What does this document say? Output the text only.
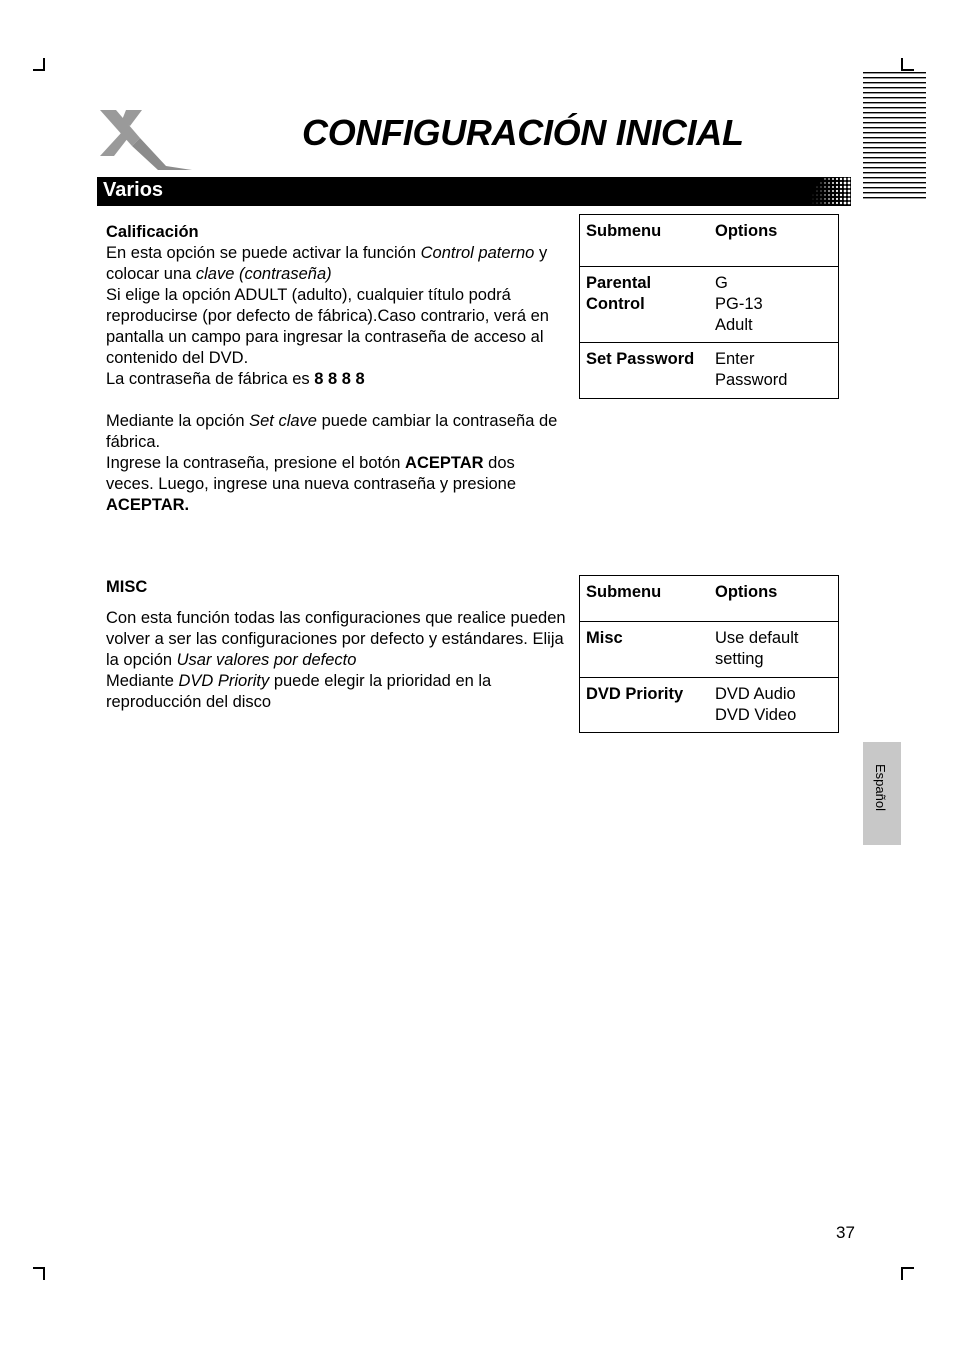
CONFIGURACIÓN INICIAL
Varios

Calificación

En esta opción se puede activar la función Control paterno y colocar una clave (contraseña)

Si elige la opción ADULT (adulto), cualquier título podrá reproducirse (por defecto de fábrica).Caso contrario, verá en pantalla un campo para ingresar la contraseña de acceso al contenido del DVD.

La contraseña de fábrica es 8 8 8 8

Mediante la opción Set clave puede cambiar la contraseña de fábrica.

Ingrese la contraseña, presione el botón ACEPTAR dos veces. Luego, ingrese una nueva contraseña y presione ACEPTAR.

Submenu	Options
Parental Control	G
PG-13
Adult

Set Password	Enter
Password

MISC

Con esta función todas las configuraciones que realice pueden volver a ser las configuraciones por defecto y estándares. Elija la opción Usar valores por defecto

Mediante DVD Priority puede elegir la prioridad en la reproducción del disco

Submenu	Options
Misc	Use default
setting

DVD Priority	DVD Audio
DVD Video
Español
37
